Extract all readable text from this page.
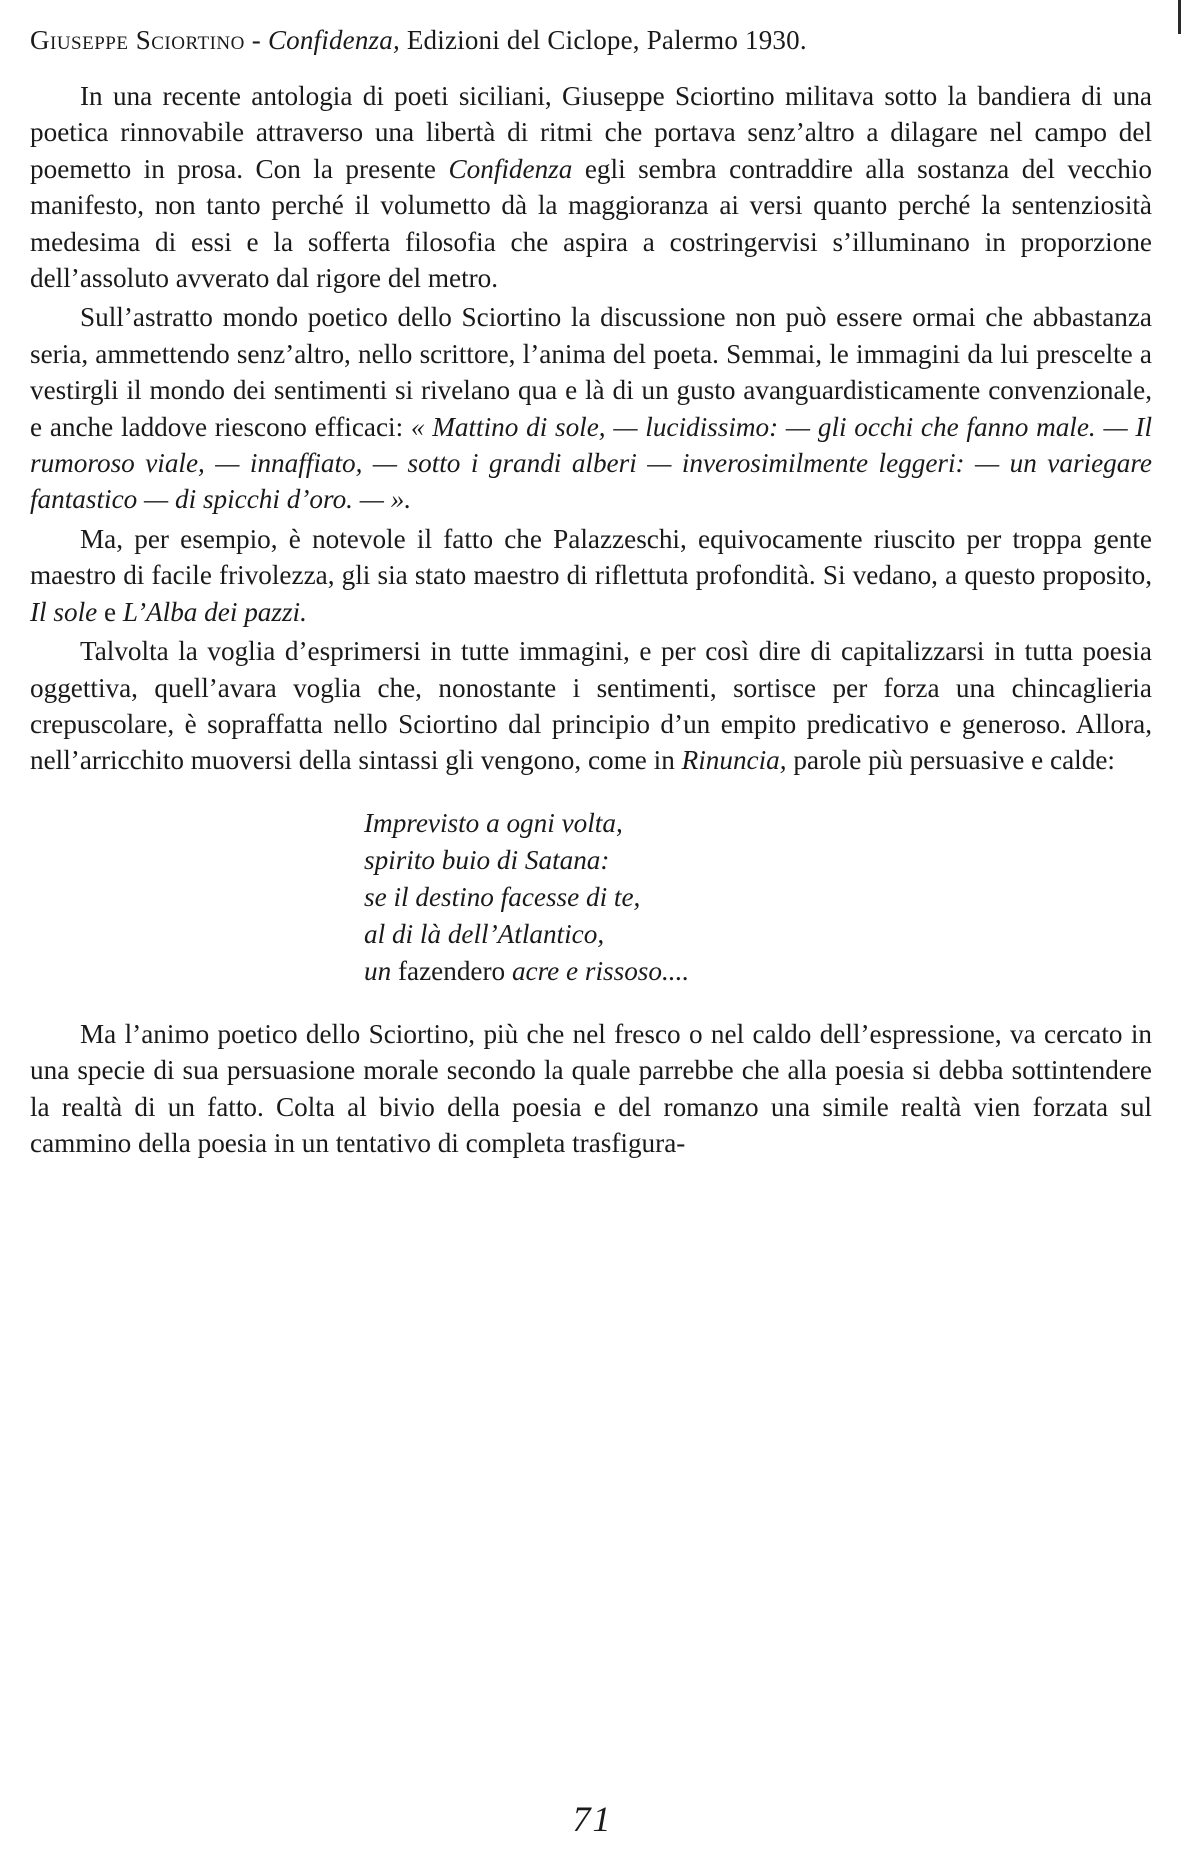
Giuseppe Sciortino - Confidenza, Edizioni del Ciclope, Palermo 1930.

In una recente antologia di poeti siciliani, Giuseppe Sciortino militava sotto la bandiera di una poetica rinnovabile attraverso una libertà di ritmi che portava senz’altro a dilagare nel campo del poemetto in prosa. Con la presente Confidenza egli sembra contraddire alla sostanza del vecchio manifesto, non tanto perché il volumetto dà la maggioranza ai versi quanto perché la sentenziosità medesima di essi e la sofferta filosofia che aspira a costringervisi s’illuminano in proporzione dell’assoluto avverato dal rigore del metro.

Sull’astratto mondo poetico dello Sciortino la discussione non può essere ormai che abbastanza seria, ammettendo senz’altro, nello scrittore, l’anima del poeta. Semmai, le immagini da lui prescelte a vestirgli il mondo dei sentimenti si rivelano qua e là di un gusto avanguardisticamente convenzionale, e anche laddove riescono efficaci: « Mattino di sole, — lucidissimo: — gli occhi che fanno male. — Il rumoroso viale, — innaffiato, — sotto i grandi alberi — inverosimilmente leggeri: — un variegare fantastico — di spicchi d’oro. — ».

Ma, per esempio, è notevole il fatto che Palazzeschi, equivocamente riuscito per troppa gente maestro di facile frivolezza, gli sia stato maestro di riflettuta profondità. Si vedano, a questo proposito, Il sole e L’Alba dei pazzi.

Talvolta la voglia d’esprimersi in tutte immagini, e per così dire di capitalizzarsi in tutta poesia oggettiva, quell’avara voglia che, nonostante i sentimenti, sortisce per forza una chincaglieria crepuscolare, è sopraffatta nello Sciortino dal principio d’un empito predicativo e generoso. Allora, nell’arricchito muoversi della sintassi gli vengono, come in Rinuncia, parole più persuasive e calde:

Imprevisto a ogni volta,
spirito buio di Satana:
se il destino facesse di te,
al di là dell’Atlantico,
un fazendero acre e rissoso....

Ma l’animo poetico dello Sciortino, più che nel fresco o nel caldo dell’espressione, va cercato in una specie di sua persuasione morale secondo la quale parrebbe che alla poesia si debba sottintendere la realtà di un fatto. Colta al bivio della poesia e del romanzo una simile realtà vien forzata sul cammino della poesia in un tentativo di completa trasfigura-

71
